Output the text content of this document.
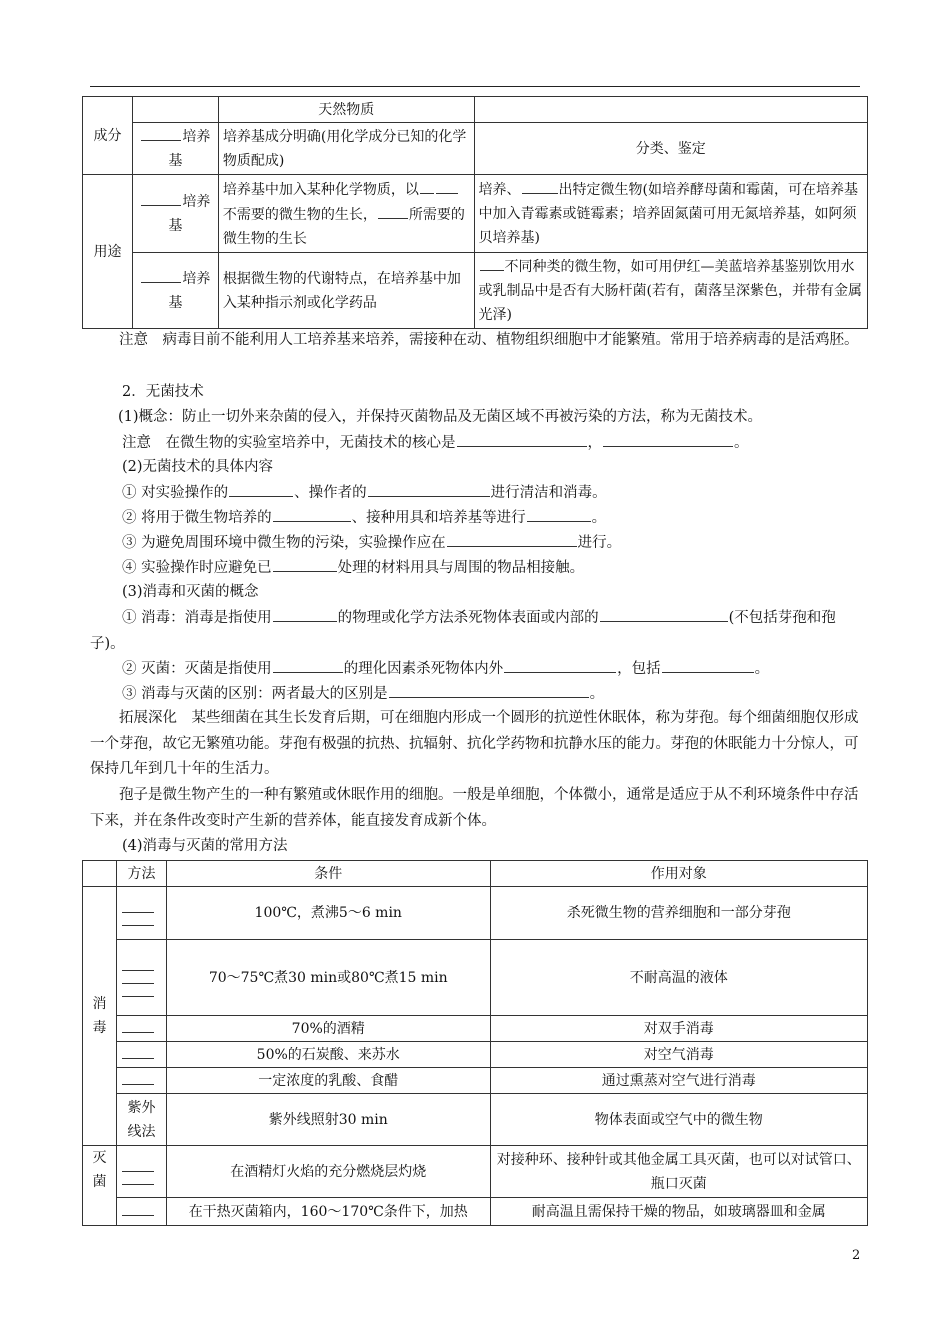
成分		天然物质	
	培养基	培养基成分明确(用化学成分已知的化学物质配成)	分类、鉴定
用途	培养基	培养基中加入某种化学物质，以不需要的微生物的生长， 所需要的微生物的生长	培养、 出特定微生物(如培养酵母菌和霉菌，可在培养基中加入青霉素或链霉素；培养固氮菌可用无氮培养基，如阿须贝培养基)
	培养基	根据微生物的代谢特点，在培养基中加入某种指示剂或化学药品	不同种类的微生物，如可用伊红—美蓝培养基鉴别饮用水或乳制品中是否有大肠杆菌(若有，菌落呈深紫色，并带有金属光泽)
注意　病毒目前不能利用人工培养基来培养，需接种在动、植物组织细胞中才能繁殖。常用于培养病毒的是活鸡胚。
2．无菌技术
(1)概念：防止一切外来杂菌的侵入，并保持灭菌物品及无菌区域不再被污染的方法，称为无菌技术。
注意　在微生物的实验室培养中，无菌技术的核心是	，	。
(2)无菌技术的具体内容
① 对实验操作的	、操作者的	进行清洁和消毒。
② 将用于微生物培养的	、接种用具和培养基等进行	。
③ 为避免周围环境中微生物的污染，实验操作应在	进行。
④ 实验操作时应避免已	处理的材料用具与周围的物品相接触。
(3)消毒和灭菌的概念
① 消毒：消毒是指使用	的物理或化学方法杀死物体表面或内部的	(不包括芽孢和孢子)。
② 灭菌：灭菌是指使用	的理化因素杀死物体内外	，包括	。
③ 消毒与灭菌的区别：两者最大的区别是	。
拓展深化　某些细菌在其生长发育后期，可在细胞内形成一个圆形的抗逆性休眠体，称为芽孢。每个细菌细胞仅形成一个芽孢，故它无繁殖功能。芽孢有极强的抗热、抗辐射、抗化学药物和抗静水压的能力。芽孢的休眠能力十分惊人，可保持几年到几十年的生活力。
孢子是微生物产生的一种有繁殖或休眠作用的细胞。一般是单细胞，个体微小，通常是适应于从不利环境条件中存活下来，并在条件改变时产生新的营养体，能直接发育成新个体。
(4)消毒与灭菌的常用方法
	方法	条件	作用对象
消毒		100℃，煮沸5～6 min	杀死微生物的营养细胞和一部分芽孢

		70～75℃煮30 min或80℃煮15 min	不耐高温的液体
		70%的酒精	对双手消毒
		50%的石炭酸、来苏水	对空气消毒
		一定浓度的乳酸、食醋	通过熏蒸对空气进行消毒
	紫外线法	紫外线照射30 min	物体表面或空气中的微生物
灭菌		在酒精灯火焰的充分燃烧层灼烧	对接种环、接种针或其他金属工具灭菌，也可以对试管口、瓶口灭菌
		在干热灭菌箱内，160～170℃条件下，加热	耐高温且需保持干燥的物品，如玻璃器皿和金属
2
